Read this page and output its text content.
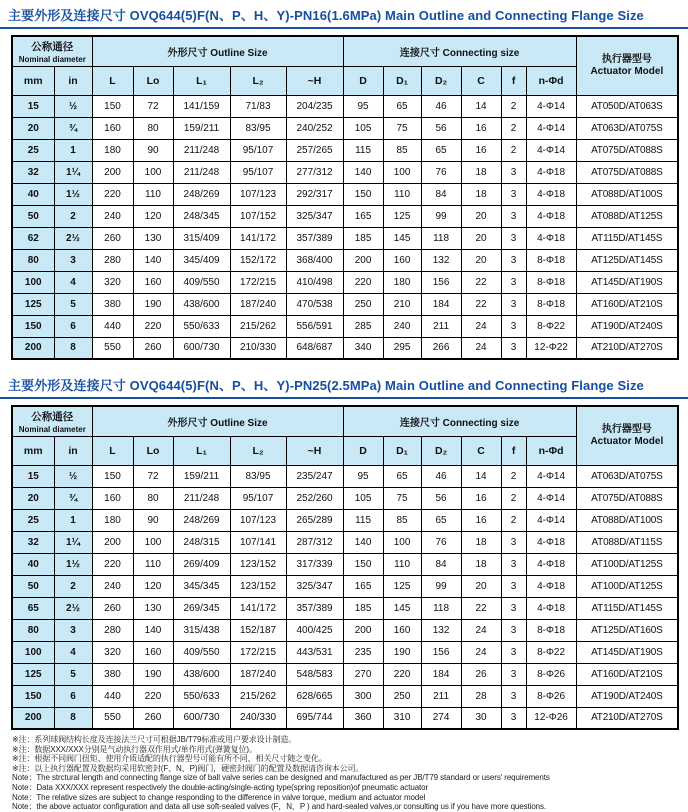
主要外形及连接尺寸 OVQ644(5)F(N、P、H、Y)-PN16(1.6MPa) Main Outline and Connecting Flange Size
公称通径
Nominal diameter
	外形尺寸 Outline Size	连接尺寸 Connecting size	
执行器型号
Actuator Model

mm	in	L	Lo	L₁	L₂	~H	D	D₁	D₂	C	f	n-Φd	
15	½	150	72	141/159	71/83	204/235	95	65	46	14	2	4-Φ14	AT050D/AT063S
20	¾	160	80	159/211	83/95	240/252	105	75	56	16	2	4-Φ14	AT063D/AT075S
25	1	180	90	211/248	95/107	257/265	115	85	65	16	2	4-Φ14	AT075D/AT088S
32	1¼	200	100	211/248	95/107	277/312	140	100	76	18	3	4-Φ18	AT075D/AT088S
40	1½	220	110	248/269	107/123	292/317	150	110	84	18	3	4-Φ18	AT088D/AT100S
50	2	240	120	248/345	107/152	325/347	165	125	99	20	3	4-Φ18	AT088D/AT125S
62	2½	260	130	315/409	141/172	357/389	185	145	118	20	3	4-Φ18	AT115D/AT145S
80	3	280	140	345/409	152/172	368/400	200	160	132	20	3	8-Φ18	AT125D/AT145S
100	4	320	160	409/550	172/215	410/498	220	180	156	22	3	8-Φ18	AT145D/AT190S
125	5	380	190	438/600	187/240	470/538	250	210	184	22	3	8-Φ18	AT160D/AT210S
150	6	440	220	550/633	215/262	556/591	285	240	211	24	3	8-Φ22	AT190D/AT240S
200	8	550	260	600/730	210/330	648/687	340	295	266	24	3	12-Φ22	AT210D/AT270S
主要外形及连接尺寸 OVQ644(5)F(N、P、H、Y)-PN25(2.5MPa) Main Outline and Connecting Flange Size
公称通径
Nominal diameter
	外形尺寸 Outline Size	连接尺寸 Connecting size	
执行器型号
Actuator Model

mm	in	L	Lo	L₁	L₂	~H	D	D₁	D₂	C	f	n-Φd	
15	½	150	72	159/211	83/95	235/247	95	65	46	14	2	4-Φ14	AT063D/AT075S
20	¾	160	80	211/248	95/107	252/260	105	75	56	16	2	4-Φ14	AT075D/AT088S
25	1	180	90	248/269	107/123	265/289	115	85	65	16	2	4-Φ14	AT088D/AT100S
32	1¼	200	100	248/315	107/141	287/312	140	100	76	18	3	4-Φ18	AT088D/AT115S
40	1½	220	110	269/409	123/152	317/339	150	110	84	18	3	4-Φ18	AT100D/AT125S
50	2	240	120	345/345	123/152	325/347	165	125	99	20	3	4-Φ18	AT100D/AT125S
65	2½	260	130	269/345	141/172	357/389	185	145	118	22	3	4-Φ18	AT115D/AT145S
80	3	280	140	315/438	152/187	400/425	200	160	132	24	3	8-Φ18	AT125D/AT160S
100	4	320	160	409/550	172/215	443/531	235	190	156	24	3	8-Φ22	AT145D/AT190S
125	5	380	190	438/600	187/240	548/583	270	220	184	26	3	8-Φ26	AT160D/AT210S
150	6	440	220	550/633	215/262	628/665	300	250	211	28	3	8-Φ26	AT190D/AT240S
200	8	550	260	600/730	240/330	695/744	360	310	274	30	3	12-Φ26	AT210D/AT270S
※注：系列球阀结构长度及连接法兰尺寸可根据JB/T79标准或用户要求设计制造。
※注：数据XXX/XXX分别是气动执行器双作用式/单作用式(弹簧复位)。
※注：根据不同阀门扭矩、使用介质适配的执行器型号可能有所不同，相关尺寸随之变化。
※注：以上执行器配置及数据均采用软密封(F、N、P)阀门，硬密封阀门的配置及数据请咨询本公司。
Note：The strctural length and connecting flange size of ball valve series can be designed and manufactured as per JB/T79 standard or users' requirements
Note：Data XXX/XXX represent respectively the double-acting/single-acting type(spring reposition)of pneumatic actuator
Note：The relative sizes are subject to change responding to the difference in valve torque, medium and actuator model
Note：the above actuator configuration and data all use soft-sealed valves (F，N，P ) and hard-sealed valves,or consulting us if you have more questions.
